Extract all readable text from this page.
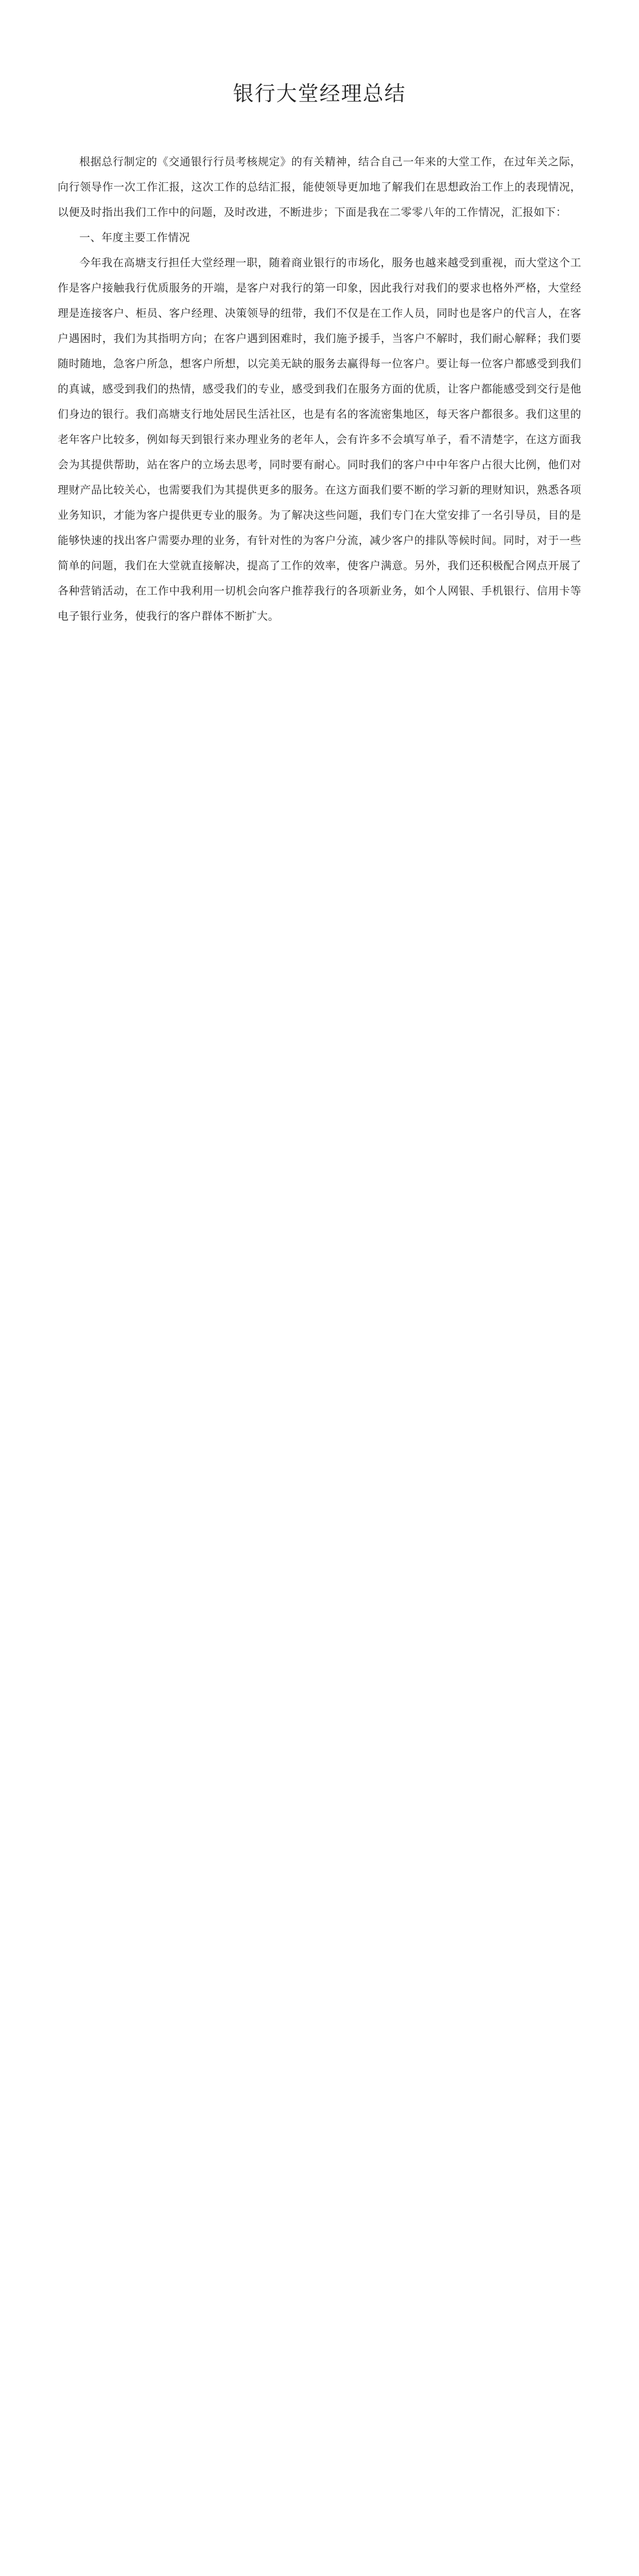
银行大堂经理总结

根据总行制定的《交通银行行员考核规定》的有关精神，结合自己一年来的大堂工作，在过年关之际，向行领导作一次工作汇报，这次工作的总结汇报，能使领导更加地了解我们在思想政治工作上的表现情况，以便及时指出我们工作中的问题，及时改进，不断进步；下面是我在二零零八年的工作情况，汇报如下：

一、年度主要工作情况

今年我在高塘支行担任大堂经理一职，随着商业银行的市场化，服务也越来越受到重视，而大堂这个工作是客户接触我行优质服务的开端，是客户对我行的第一印象，因此我行对我们的要求也格外严格，大堂经理是连接客户、柜员、客户经理、决策领导的纽带，我们不仅是在工作人员，同时也是客户的代言人，在客户遇困时，我们为其指明方向；在客户遇到困难时，我们施予援手，当客户不解时，我们耐心解释；我们要随时随地，急客户所急，想客户所想，以完美无缺的服务去赢得每一位客户。要让每一位客户都感受到我们的真诚，感受到我们的热情，感受我们的专业，感受到我们在服务方面的优质，让客户都能感受到交行是他们身边的银行。我们高塘支行地处居民生活社区，也是有名的客流密集地区，每天客户都很多。我们这里的老年客户比较多，例如每天到银行来办理业务的老年人，会有许多不会填写单子，看不清楚字，在这方面我会为其提供帮助，站在客户的立场去思考，同时要有耐心。同时我们的客户中中年客户占很大比例，他们对理财产品比较关心，也需要我们为其提供更多的服务。在这方面我们要不断的学习新的理财知识，熟悉各项业务知识，才能为客户提供更专业的服务。为了解决这些问题，我们专门在大堂安排了一名引导员，目的是能够快速的找出客户需要办理的业务，有针对性的为客户分流，减少客户的排队等候时间。同时，对于一些简单的问题，我们在大堂就直接解决，提高了工作的效率，使客户满意。另外，我们还积极配合网点开展了各种营销活动，在工作中我利用一切机会向客户推荐我行的各项新业务，如个人网银、手机银行、信用卡等电子银行业务，使我行的客户群体不断扩大。
